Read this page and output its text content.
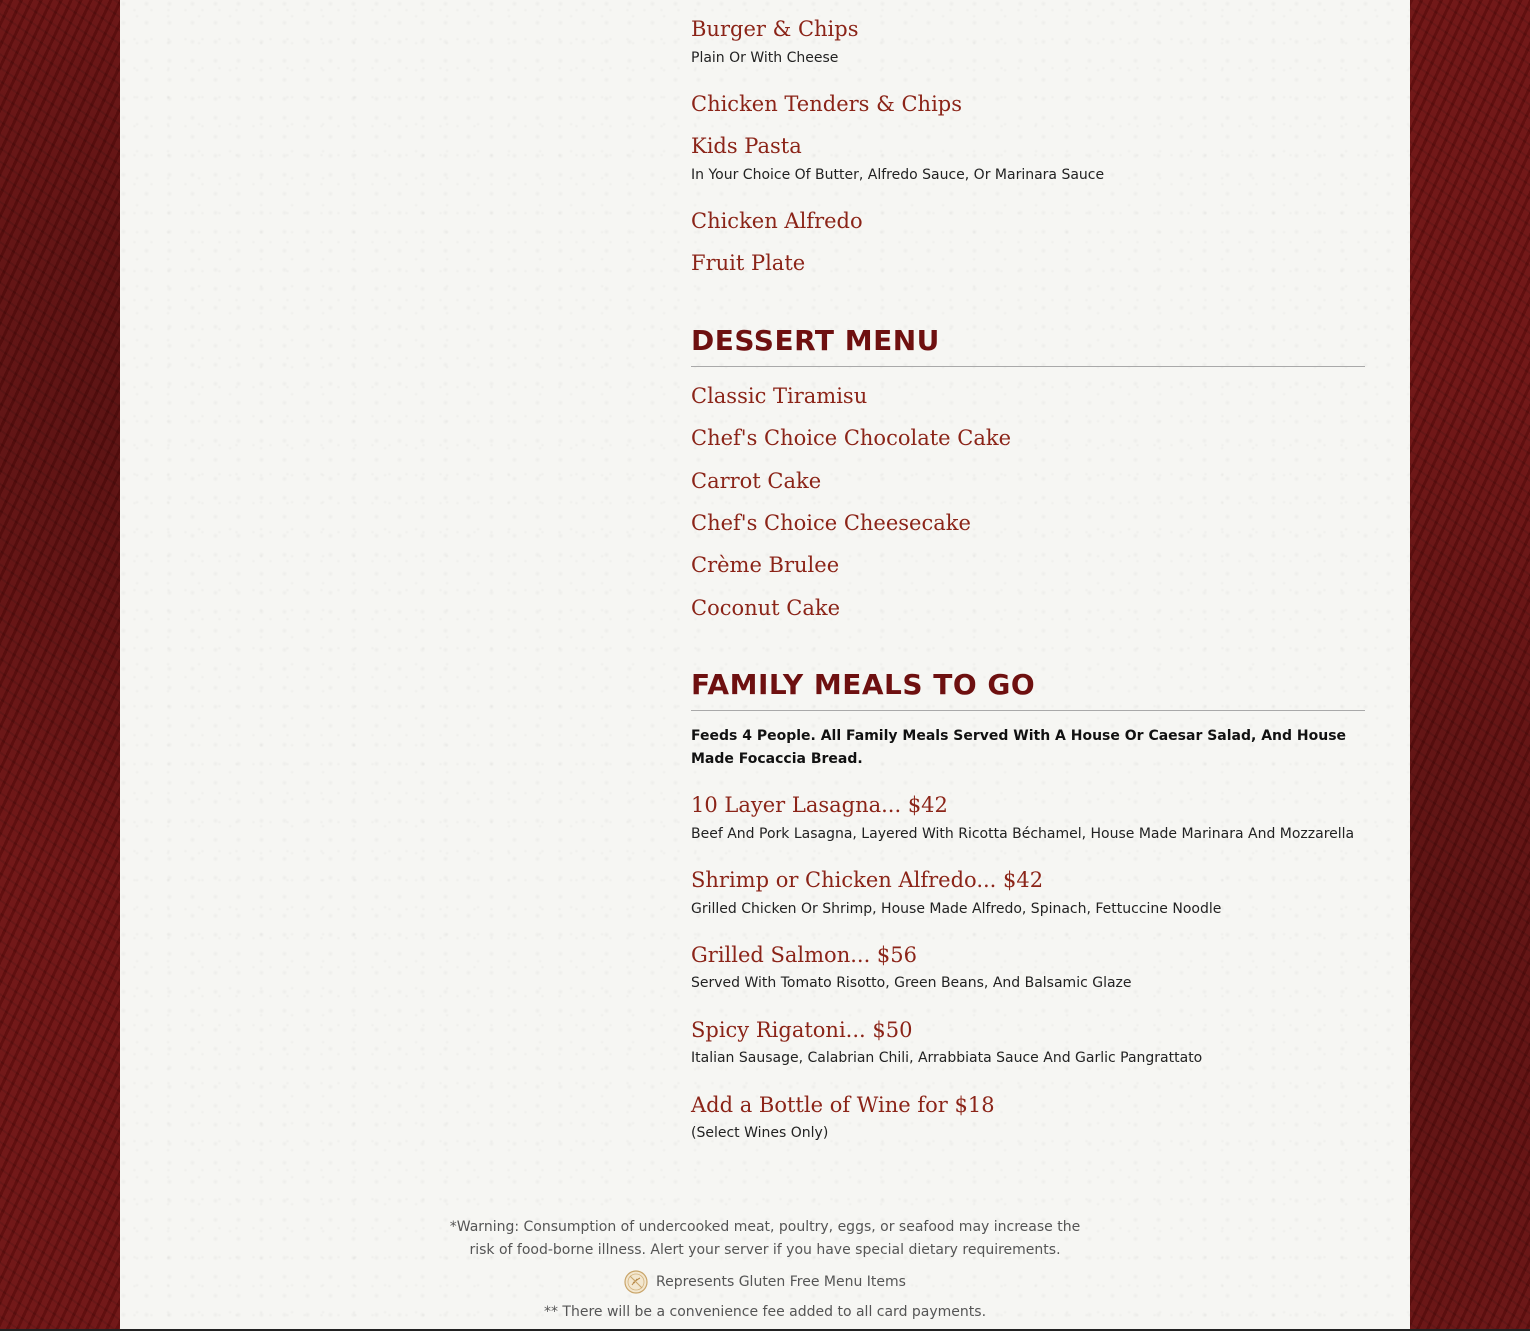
Burger & Chips

Plain Or With Cheese

Chicken Tenders & Chips
Kids Pasta

In Your Choice Of Butter, Alfredo Sauce, Or Marinara Sauce

Chicken Alfredo
Fruit Plate
DESSERT MENU
Classic Tiramisu
Chef's Choice Chocolate Cake
Carrot Cake
Chef's Choice Cheesecake
Crème Brulee
Coconut Cake
FAMILY MEALS TO GO

Feeds 4 People. All Family Meals Served With A House Or Caesar Salad, And House Made Focaccia Bread.

10 Layer Lasagna... $42

Beef And Pork Lasagna, Layered With Ricotta Béchamel, House Made Marinara And Mozzarella

Shrimp or Chicken Alfredo... $42

Grilled Chicken Or Shrimp, House Made Alfredo, Spinach, Fettuccine Noodle

Grilled Salmon... $56

Served With Tomato Risotto, Green Beans, And Balsamic Glaze

Spicy Rigatoni... $50

Italian Sausage, Calabrian Chili, Arrabbiata Sauce And Garlic Pangrattato

Add a Bottle of Wine for $18

(Select Wines Only)

*Warning: Consumption of undercooked meat, poultry, eggs, or seafood may increase the
risk of food-borne illness. Alert your server if you have special dietary requirements.
Represents Gluten Free Menu Items
** There will be a convenience fee added to all card payments.
